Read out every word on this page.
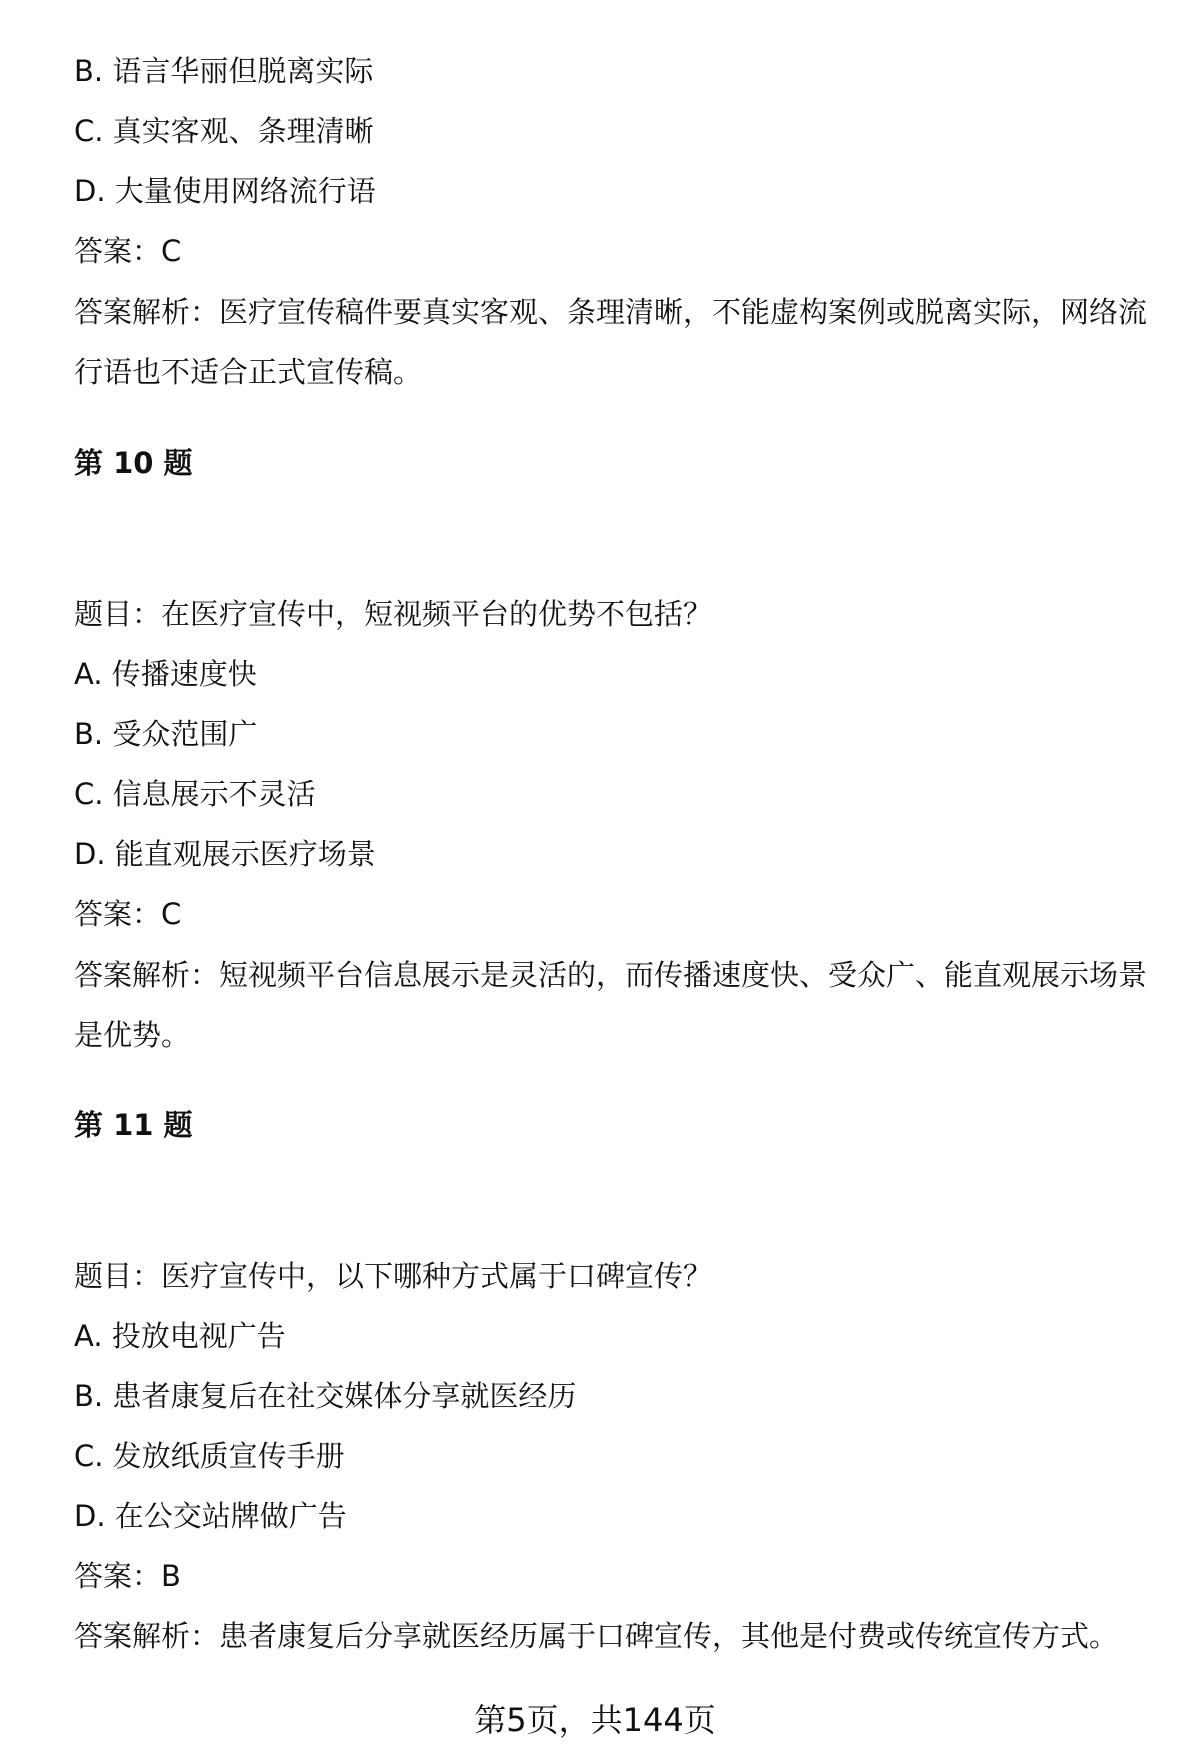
B. 语言华丽但脱离实际
C. 真实客观、条理清晰
D. 大量使用网络流行语
答案：C
答案解析：医疗宣传稿件要真实客观、条理清晰，不能虚构案例或脱离实际，网络流行语也不适合正式宣传稿。
第 10 题
题目：在医疗宣传中，短视频平台的优势不包括？
A. 传播速度快
B. 受众范围广
C. 信息展示不灵活
D. 能直观展示医疗场景
答案：C
答案解析：短视频平台信息展示是灵活的，而传播速度快、受众广、能直观展示场景是优势。
第 11 题
题目：医疗宣传中，以下哪种方式属于口碑宣传？
A. 投放电视广告
B. 患者康复后在社交媒体分享就医经历
C. 发放纸质宣传手册
D. 在公交站牌做广告
答案：B
答案解析：患者康复后分享就医经历属于口碑宣传，其他是付费或传统宣传方式。
第5页，共144页
